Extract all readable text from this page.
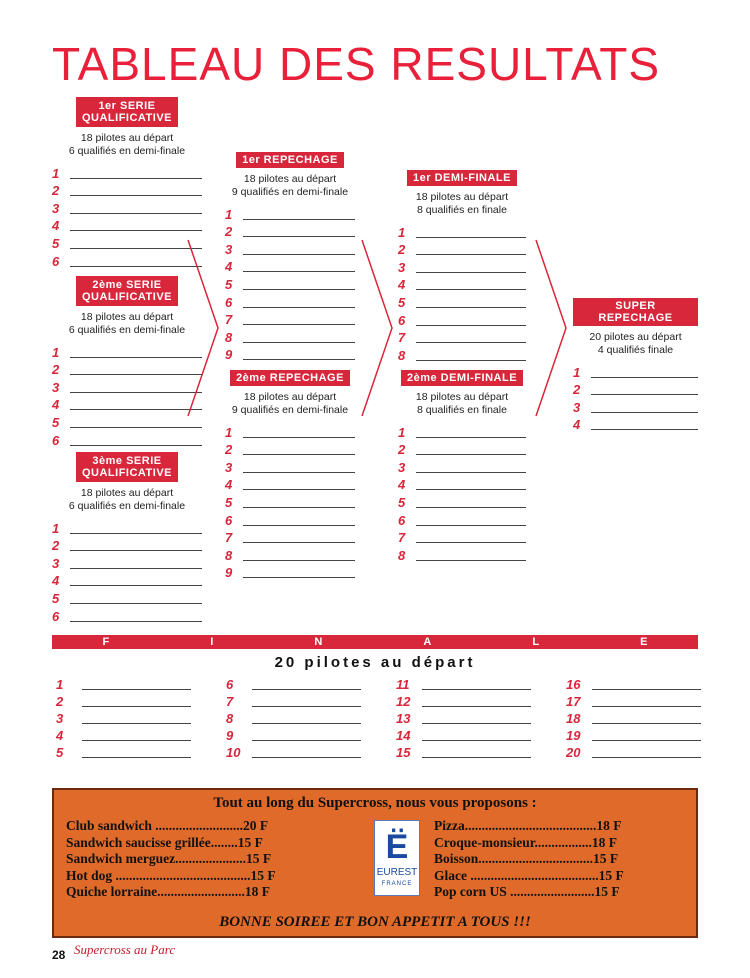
TABLEAU DES RESULTATS
1er SERIE
QUALIFICATIVE
18 pilotes au départ
6 qualifiés en demi-finale
1
2
3
4
5
6
2ème SERIE
QUALIFICATIVE
18 pilotes au départ
6 qualifiés en demi-finale
1
2
3
4
5
6
3ème SERIE
QUALIFICATIVE
18 pilotes au départ
6 qualifiés en demi-finale
1
2
3
4
5
6
1er REPECHAGE
18 pilotes au départ
9 qualifiés en demi-finale
1
2
3
4
5
6
7
8
9
2ème REPECHAGE
18 pilotes au départ
9 qualifiés en demi-finale
1
2
3
4
5
6
7
8
9
1er DEMI-FINALE
18 pilotes au départ
8 qualifiés en finale
1
2
3
4
5
6
7
8
2ème DEMI-FINALE
18 pilotes au départ
8 qualifiés en finale
1
2
3
4
5
6
7
8
SUPER REPECHAGE
20 pilotes au départ
4 qualifiés finale
1
2
3
4
F	I	N	A	L	E
20 pilotes au départ
1
2
3
4
5
6
7
8
9
10
11
12
13
14
15
16
17
18
19
20
Tout au long du Supercross, nous vous proposons :
Club sandwich ..........................20 F
Sandwich saucisse grillée........15 F
Sandwich merguez.....................15 F
Hot dog ........................................15 F
Quiche lorraine..........................18 F
Ë
EUREST
FRANCE
Pizza.......................................18 F
Croque-monsieur.................18 F
Boisson..................................15 F
Glace ......................................15 F
Pop corn US .........................15 F
BONNE SOIREE ET BON APPETIT A TOUS !!!
28 Supercross au Parc
